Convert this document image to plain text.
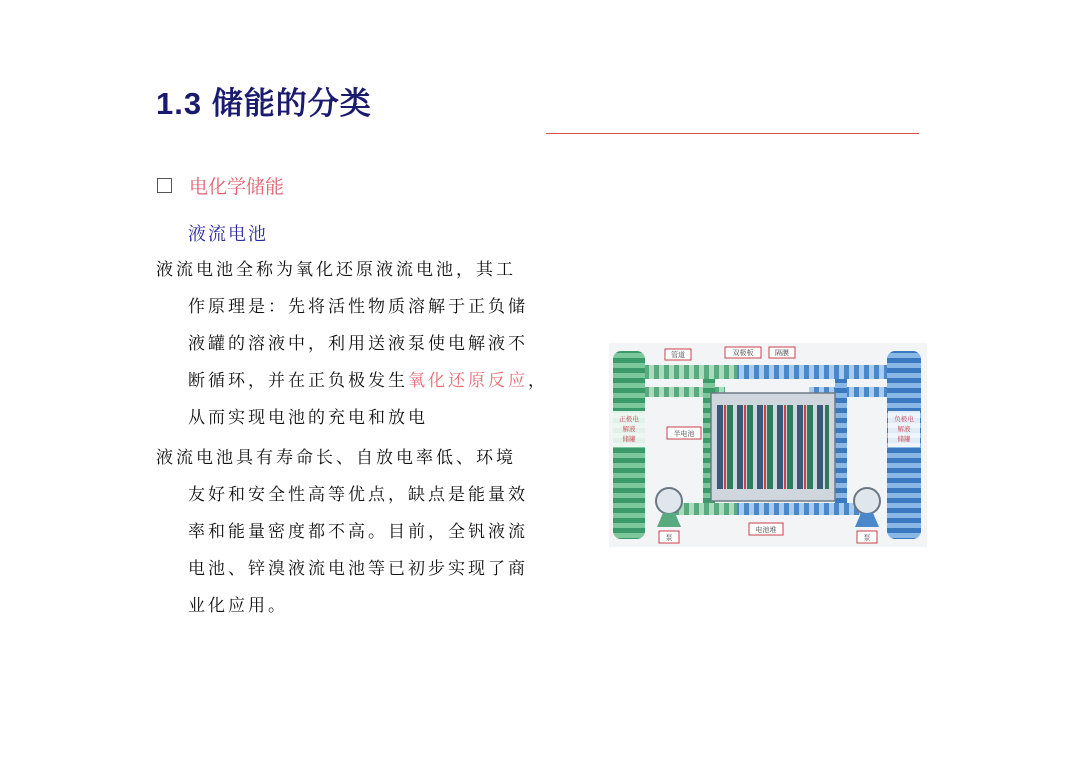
1.3 储能的分类
电化学储能
液流电池
液流电池全称为氧化还原液流电池，其工
作原理是：先将活性物质溶解于正负储
液罐的溶液中，利用送液泵使电解液不
断循环，并在正负极发生氧化还原反应，
从而实现电池的充电和放电
液流电池具有寿命长、自放电率低、环境
友好和安全性高等优点，缺点是能量效
率和能量密度都不高。目前，全钒液流
电池、锌溴液流电池等已初步实现了商
业化应用。
管道	双极板	隔膜
正极电
解液
储罐
负极电
解液
储罐
半电池
泵
电池堆
泵
